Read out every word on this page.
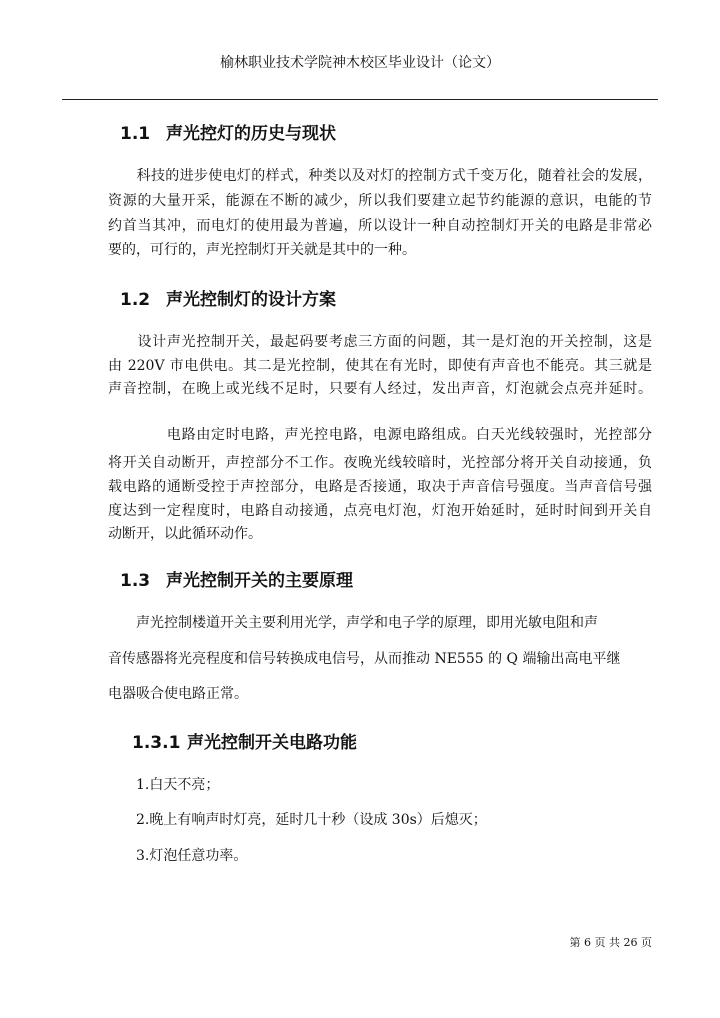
榆林职业技术学院神木校区毕业设计（论文）
1.1 声光控灯的历史与现状
　　科技的进步使电灯的样式，种类以及对灯的控制方式千变万化，随着社会的发展，
资源的大量开采，能源在不断的减少，所以我们要建立起节约能源的意识，电能的节
约首当其冲，而电灯的使用最为普遍，所以设计一种自动控制灯开关的电路是非常必
要的，可行的，声光控制灯开关就是其中的一种。
1.2 声光控制灯的设计方案
　　设计声光控制开关，最起码要考虑三方面的问题，其一是灯泡的开关控制，这是
由 220V 市电供电。其二是光控制，使其在有光时，即使有声音也不能亮。其三就是
声音控制，在晚上或光线不足时，只要有人经过，发出声音，灯泡就会点亮并延时。
　　　　电路由定时电路，声光控电路，电源电路组成。白天光线较强时，光控部分
将开关自动断开，声控部分不工作。夜晚光线较暗时，光控部分将开关自动接通，负
载电路的通断受控于声控部分，电路是否接通，取决于声音信号强度。当声音信号强
度达到一定程度时，电路自动接通，点亮电灯泡，灯泡开始延时，延时时间到开关自
动断开，以此循环动作。
1.3 声光控制开关的主要原理
　　声光控制楼道开关主要利用光学，声学和电子学的原理，即用光敏电阻和声
音传感器将光亮程度和信号转换成电信号，从而推动 NE555 的 Q 端输出高电平继
电器吸合使电路正常。
1.3.1 声光控制开关电路功能
　　1.白天不亮；
　　2.晚上有响声时灯亮，延时几十秒（设成 30s）后熄灭；
　　3.灯泡任意功率。
第 6 页 共 26 页
